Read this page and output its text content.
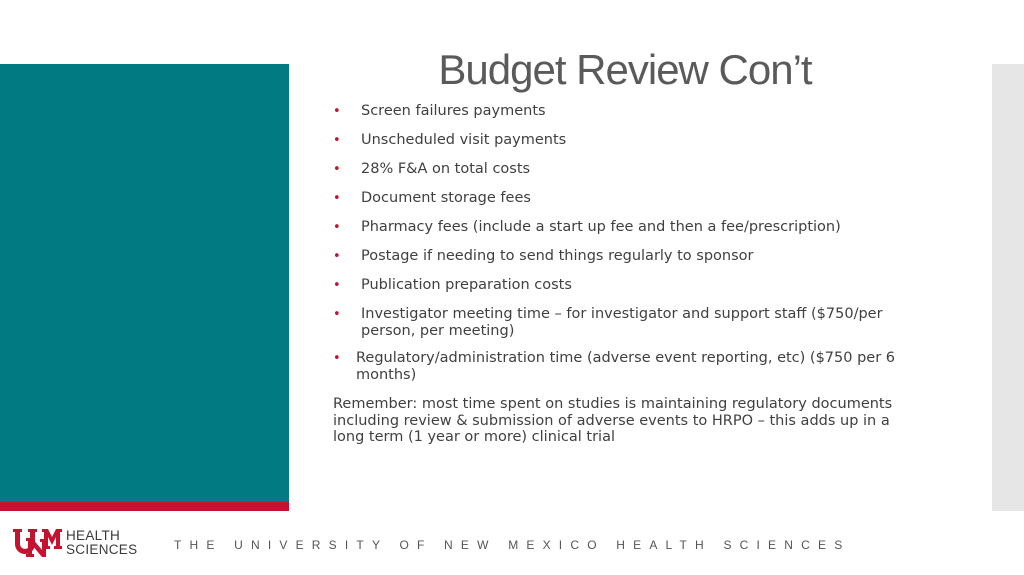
Budget Review Con’t
• Screen failures payments
• Unscheduled visit payments
• 28% F&A on total costs
• Document storage fees
• Pharmacy fees (include a start up fee and then a fee/prescription)
• Postage if needing to send things regularly to sponsor
• Publication preparation costs
• Investigator meeting time – for investigator and support staff ($750/per person, per meeting)
• Regulatory/administration time (adverse event reporting, etc) ($750 per 6 months)

Remember: most time spent on studies is maintaining regulatory documents including review & submission of adverse events to HRPO – this adds up in a long term (1 year or more) clinical trial

HEALTH
SCIENCES	THE UNIVERSITY OF NEW MEXICO HEALTH SCIENCES
